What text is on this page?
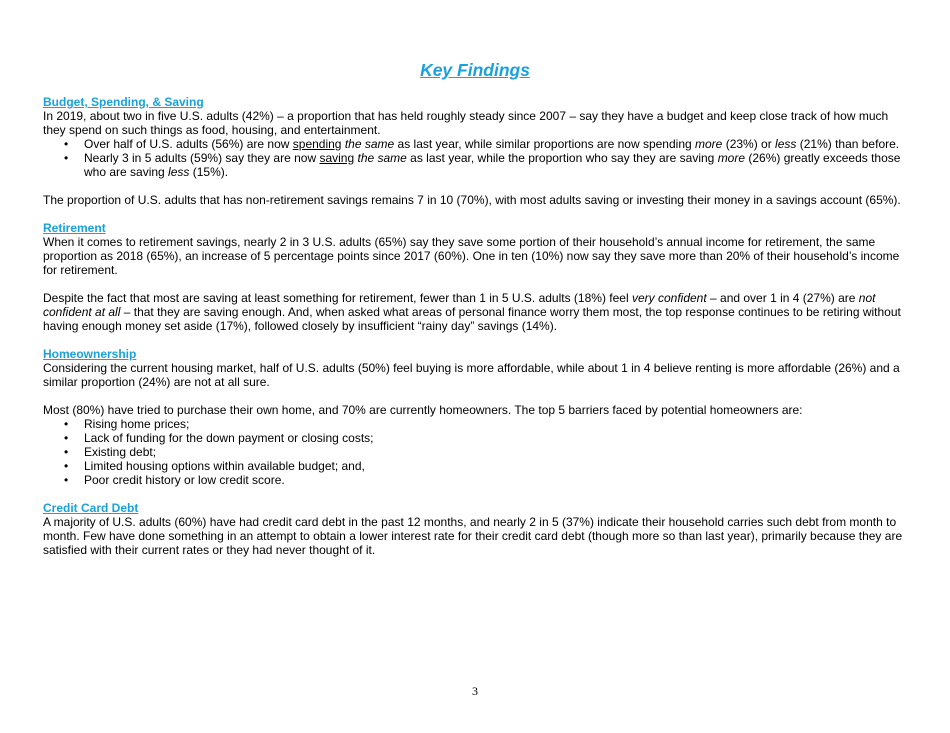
Key Findings

Budget, Spending, & Saving

In 2019, about two in five U.S. adults (42%) – a proportion that has held roughly steady since 2007 – say they have a budget and keep close track of how much they spend on such things as food, housing, and entertainment.

• Over half of U.S. adults (56%) are now spending the same as last year, while similar proportions are now spending more (23%) or less (21%) than before.
• Nearly 3 in 5 adults (59%) say they are now saving the same as last year, while the proportion who say they are saving more (26%) greatly exceeds those who are saving less (15%).

The proportion of U.S. adults that has non-retirement savings remains 7 in 10 (70%), with most adults saving or investing their money in a savings account (65%).

Retirement

When it comes to retirement savings, nearly 2 in 3 U.S. adults (65%) say they save some portion of their household’s annual income for retirement, the same proportion as 2018 (65%), an increase of 5 percentage points since 2017 (60%). One in ten (10%) now say they save more than 20% of their household’s income for retirement.

Despite the fact that most are saving at least something for retirement, fewer than 1 in 5 U.S. adults (18%) feel very confident – and over 1 in 4 (27%) are not confident at all – that they are saving enough. And, when asked what areas of personal finance worry them most, the top response continues to be retiring without having enough money set aside (17%), followed closely by insufficient “rainy day” savings (14%).

Homeownership

Considering the current housing market, half of U.S. adults (50%) feel buying is more affordable, while about 1 in 4 believe renting is more affordable (26%) and a similar proportion (24%) are not at all sure.

Most (80%) have tried to purchase their own home, and 70% are currently homeowners. The top 5 barriers faced by potential homeowners are:

• Rising home prices;
• Lack of funding for the down payment or closing costs;
• Existing debt;
• Limited housing options within available budget; and,
• Poor credit history or low credit score.

Credit Card Debt

A majority of U.S. adults (60%) have had credit card debt in the past 12 months, and nearly 2 in 5 (37%) indicate their household carries such debt from month to month. Few have done something in an attempt to obtain a lower interest rate for their credit card debt (though more so than last year), primarily because they are satisfied with their current rates or they had never thought of it.

3
